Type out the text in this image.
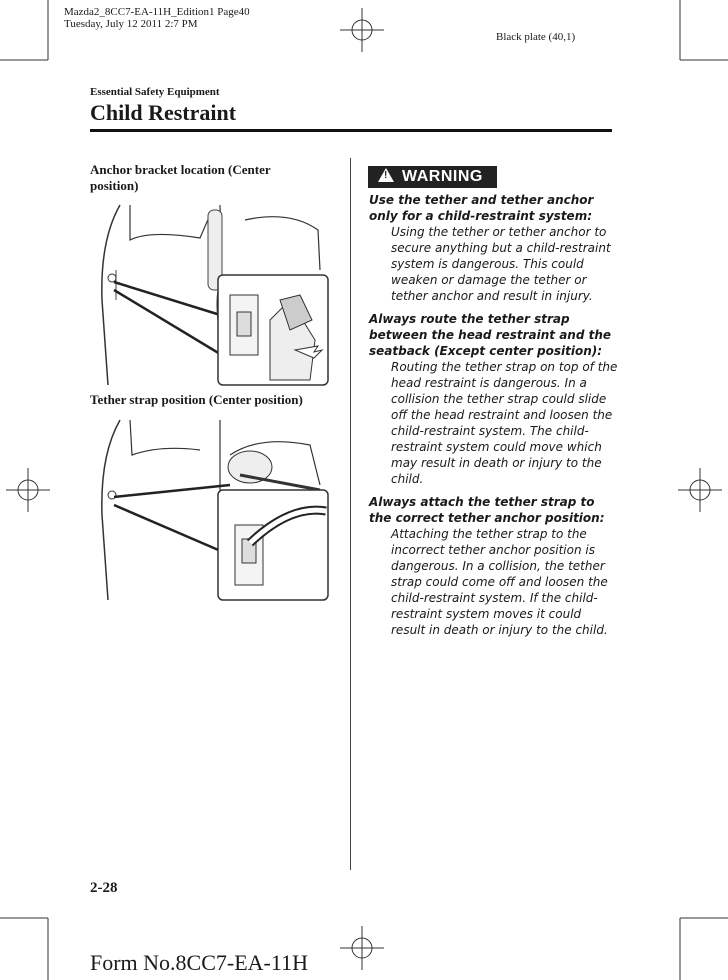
Mazda2_8CC7-EA-11H_Edition1 Page40
Tuesday, July 12 2011 2:7 PM
Black plate (40,1)
Essential Safety Equipment
Child Restraint
Anchor bracket location (Center position)
Tether strap position (Center position)
! WARNING
Use the tether and tether anchor only for a child-restraint system:
Using the tether or tether anchor to secure anything but a child-restraint system is dangerous. This could weaken or damage the tether or tether anchor and result in injury.
Always route the tether strap between the head restraint and the seatback (Except center position):
Routing the tether strap on top of the head restraint is dangerous. In a collision the tether strap could slide off the head restraint and loosen the child-restraint system. The child-restraint system could move which may result in death or injury to the child.
Always attach the tether strap to the correct tether anchor position:
Attaching the tether strap to the incorrect tether anchor position is dangerous. In a collision, the tether strap could come off and loosen the child-restraint system. If the child-restraint system moves it could result in death or injury to the child.
2-28
Form No.8CC7-EA-11H
